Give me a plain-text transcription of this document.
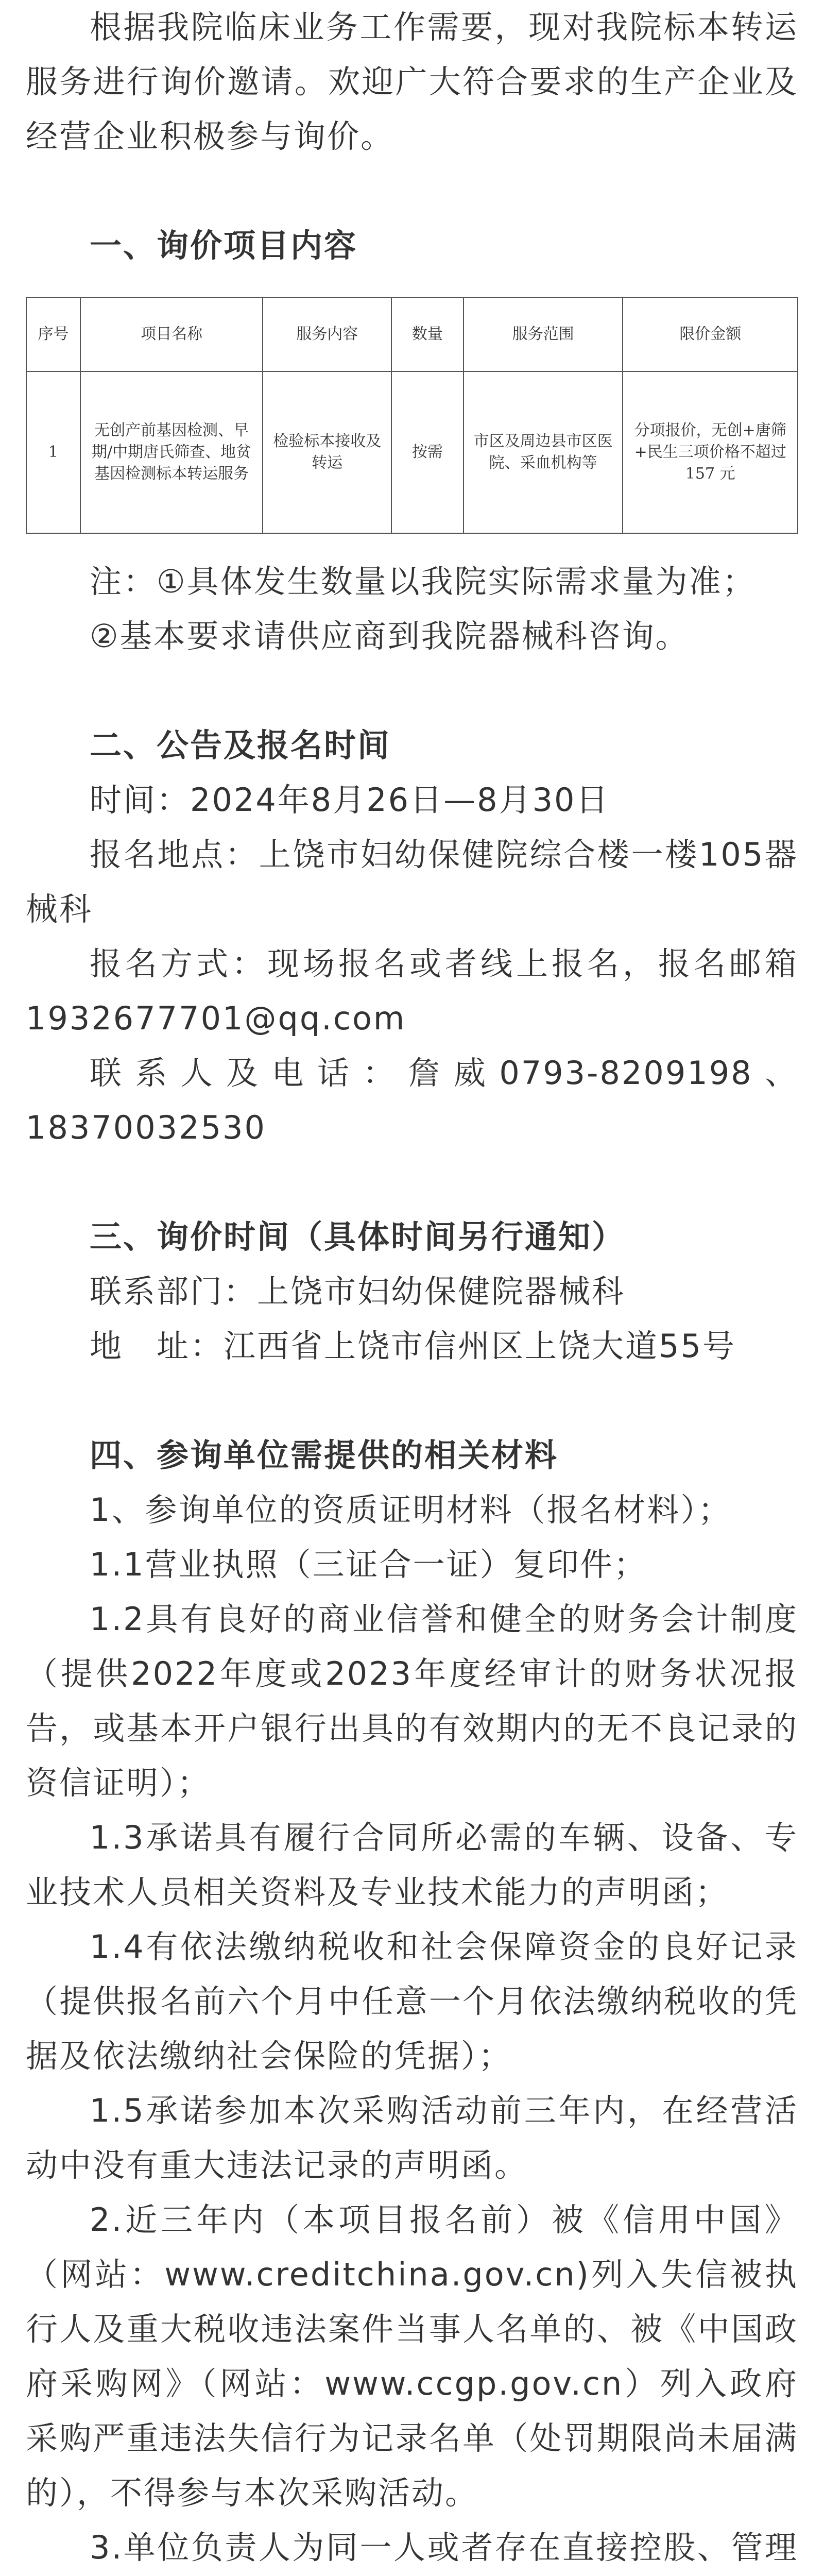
根据我院临床业务工作需要，现对我院标本转运服务进行询价邀请。欢迎广大符合要求的生产企业及经营企业积极参与询价。

一、询价项目内容

序号	项目名称	服务内容	数量	服务范围	限价金额
1	无创产前基因检测、早期/中期唐氏筛查、地贫基因检测标本转运服务	检验标本接收及转运	按需	市区及周边县市区医院、采血机构等	分项报价，无创+唐筛+民生三项价格不超过 157 元

注：①具体发生数量以我院实际需求量为准；

②基本要求请供应商到我院器械科咨询。

二、公告及报名时间

时间：2024年8月26日—8月30日

报名地点：上饶市妇幼保健院综合楼一楼105器械科

报名方式：现场报名或者线上报名，报名邮箱1932677701@qq.com

联系人及电话：詹威0793-8209198、18370032530

三、询价时间（具体时间另行通知）

联系部门：上饶市妇幼保健院器械科

地　址：江西省上饶市信州区上饶大道55号

四、参询单位需提供的相关材料

1、参询单位的资质证明材料（报名材料）；

1.1营业执照（三证合一证）复印件；

1.2具有良好的商业信誉和健全的财务会计制度（提供2022年度或2023年度经审计的财务状况报告，或基本开户银行出具的有效期内的无不良记录的资信证明）；

1.3承诺具有履行合同所必需的车辆、设备、专业技术人员相关资料及专业技术能力的声明函；

1.4有依法缴纳税收和社会保障资金的良好记录（提供报名前六个月中任意一个月依法缴纳税收的凭据及依法缴纳社会保险的凭据）；

1.5承诺参加本次采购活动前三年内，在经营活动中没有重大违法记录的声明函。

2.近三年内（本项目报名前）被《信用中国》（网站：www.creditchina.gov.cn)列入失信被执行人及重大税收违法案件当事人名单的、被《中国政府采购网》（网站：www.ccgp.gov.cn）列入政府采购严重违法失信行为记录名单（处罚期限尚未届满的），不得参与本次采购活动。

3.单位负责人为同一人或者存在直接控股、管理
